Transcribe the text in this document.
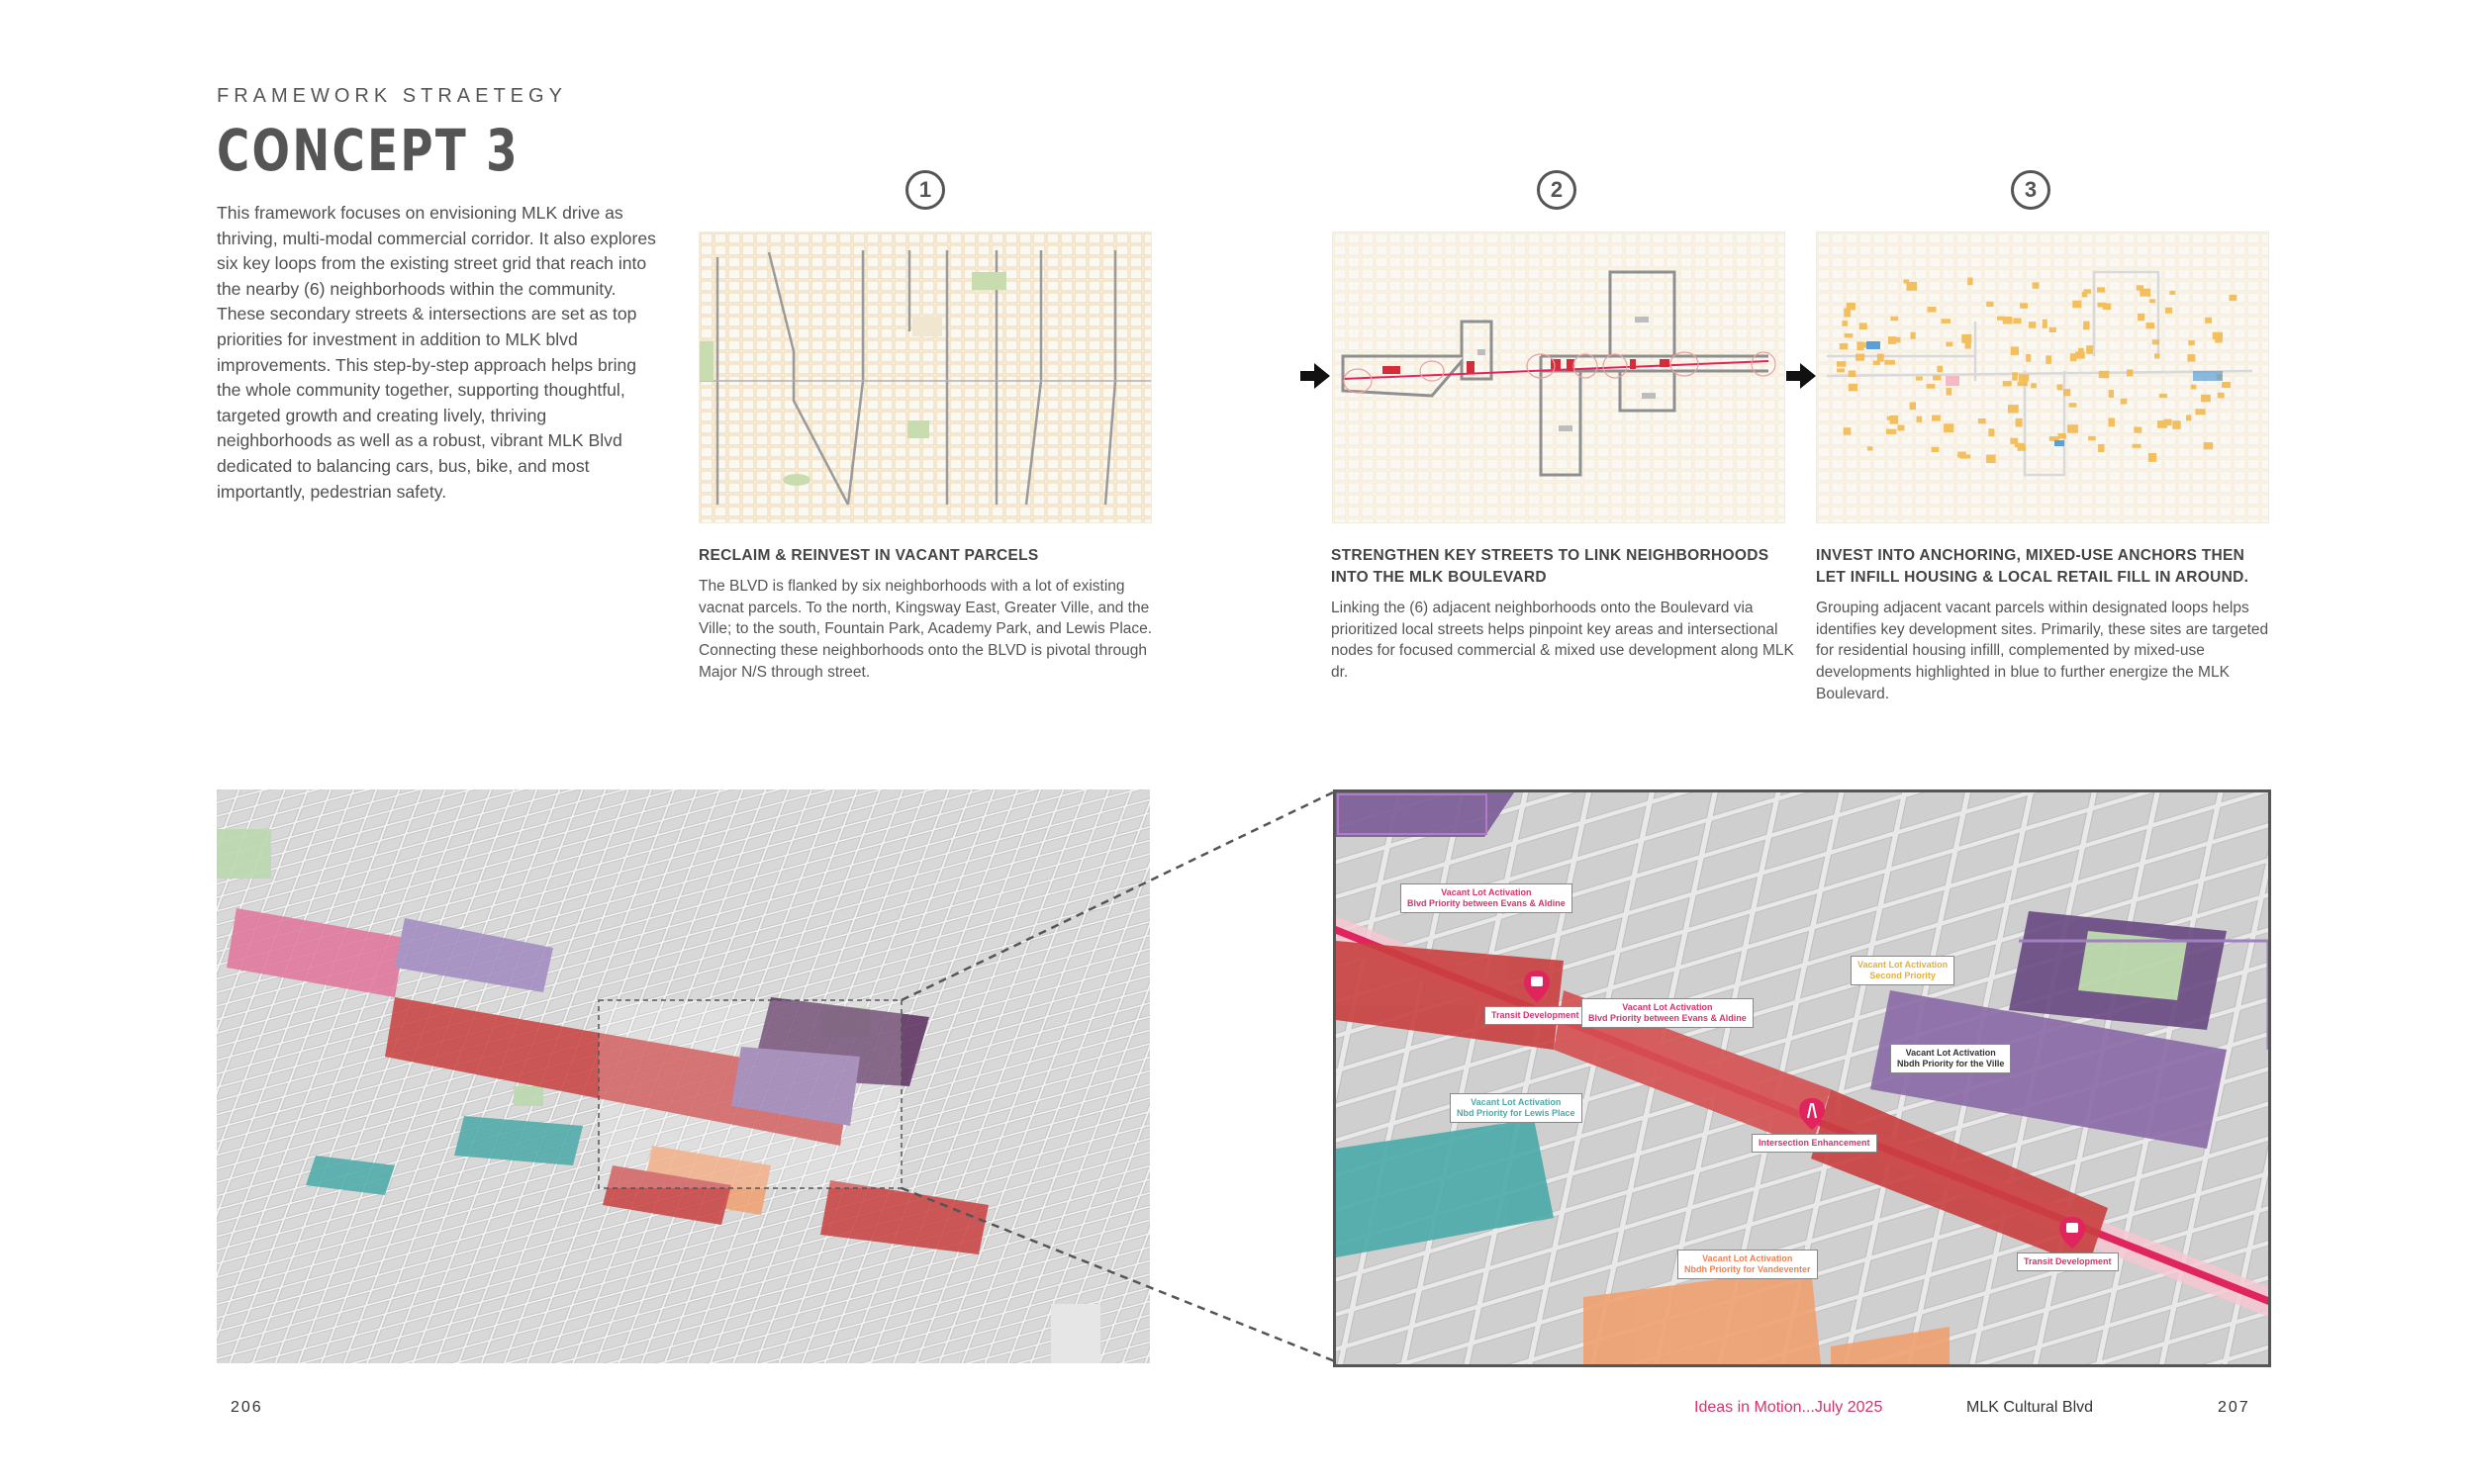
FRAMEWORK STRAETEGY
CONCEPT 3
This framework focuses on envisioning MLK drive as thriving, multi-modal commercial corridor. It also explores six key loops from the existing street grid that reach into the nearby (6) neighborhoods within the community. These secondary streets & intersections are set as top priorities for investment in addition to MLK blvd improvements. This step-by-step approach helps bring the whole community together, supporting thoughtful, targeted growth and creating lively, thriving neighborhoods as well as a robust, vibrant MLK Blvd dedicated to balancing cars, bus, bike, and most importantly, pedestrian safety.
1	2	3
RECLAIM & REINVEST IN VACANT PARCELS
The BLVD is flanked by six neighborhoods with a lot of existing vacnat parcels. To the north, Kingsway East, Greater Ville, and the Ville; to the south, Fountain Park, Academy Park, and Lewis Place. Connecting these neighborhoods onto the BLVD is pivotal through Major N/S through street.
STRENGTHEN KEY STREETS TO LINK NEIGHBORHOODS INTO THE MLK BOULEVARD
Linking the (6) adjacent neighborhoods onto the Boulevard via prioritized local streets helps pinpoint key areas and intersectional nodes for focused commercial & mixed use development along MLK dr.
INVEST INTO ANCHORING, MIXED-USE ANCHORS THEN LET INFILL HOUSING & LOCAL RETAIL FILL IN AROUND.
Grouping adjacent vacant parcels within designated loops helps identifies key development sites. Primarily, these sites are targeted for residential housing infilll, complemented by mixed-use developments highlighted in blue to further energize the MLK Boulevard.
Vacant Lot Activation
Blvd Priority between Evans & Aldine
Transit Development
Vacant Lot Activation
Blvd Priority between Evans & Aldine
Vacant Lot Activation
Second Priority
Vacant Lot Activation
Nbdh Priority for the Ville
Vacant Lot Activation
Nbd Priority for Lewis Place
Intersection Enhancement
Vacant Lot Activation
Nbdh Priority for Vandeventer
Transit Development
206	Ideas in Motion...July 2025	MLK Cultural Blvd	207
